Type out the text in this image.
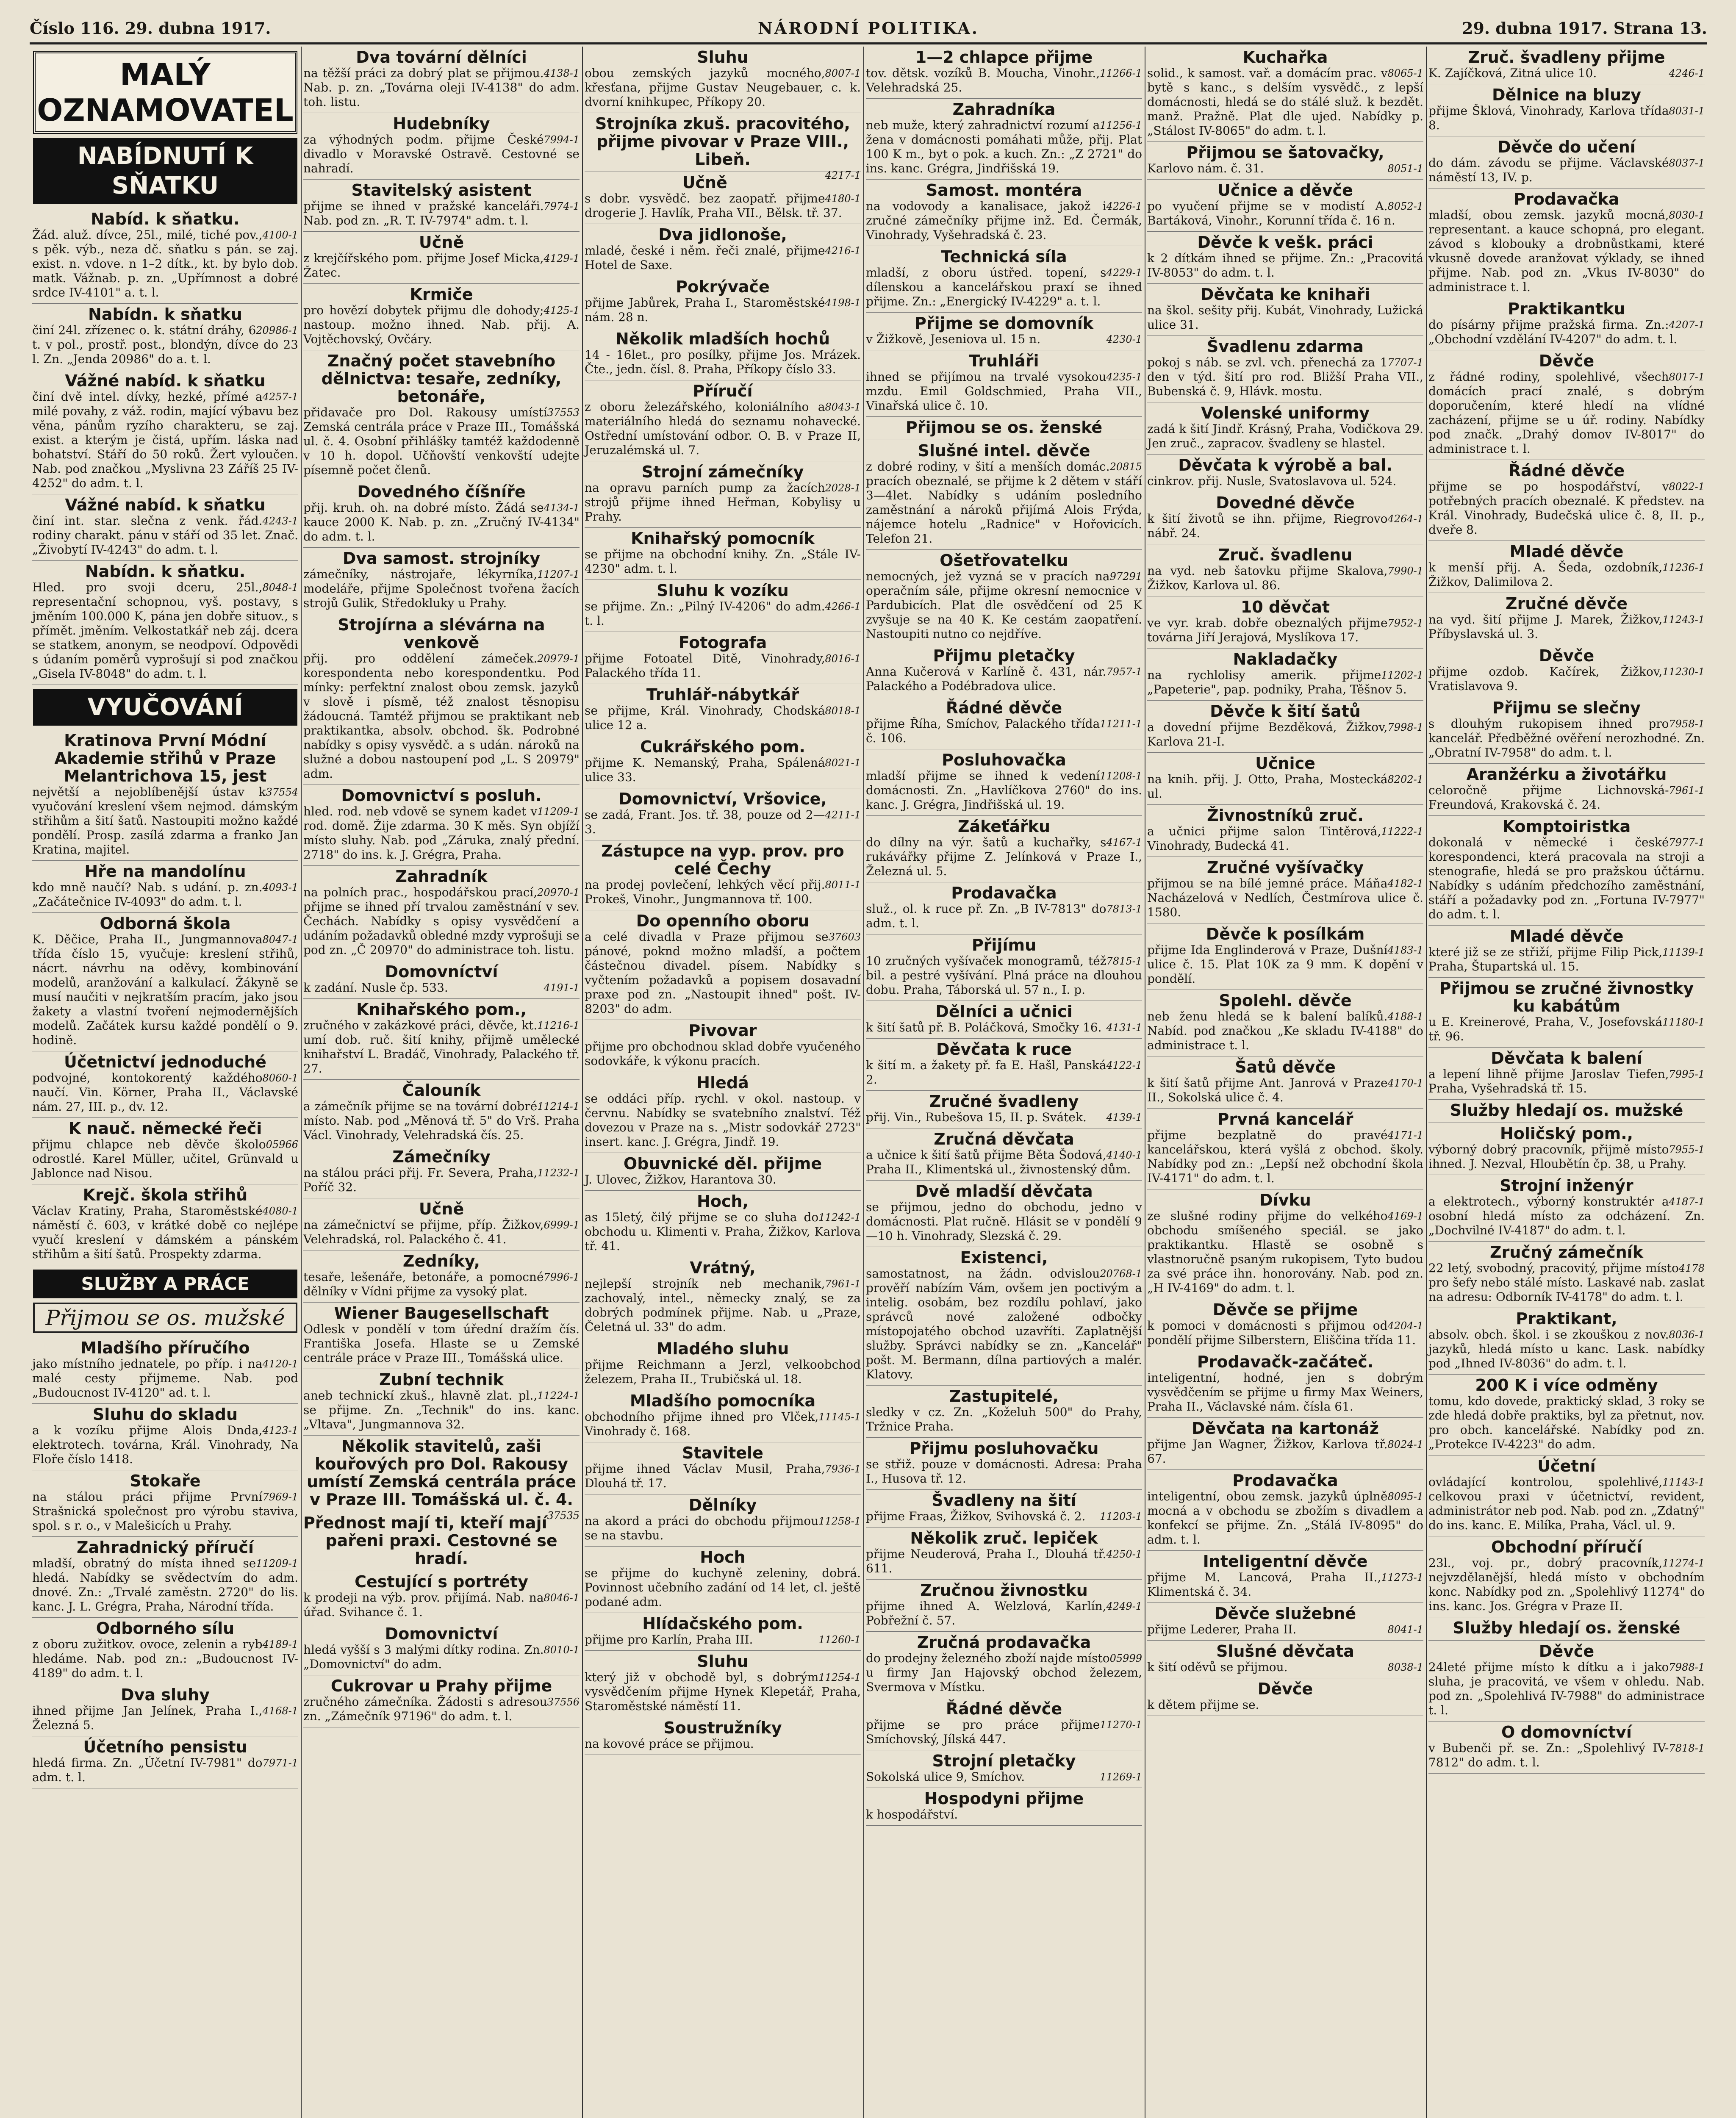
Číslo 116. 29. dubna 1917.	NÁRODNÍ POLITIKA.	29. dubna 1917. Strana 13.
MALÝ OZNAMOVATEL
NABÍDNUTÍ K SŇATKU
Nabíd. k sňatku.
4100-1
Žád. aluž. dívce, 25l., milé, tiché pov., s pěk. výb., neza dč. sňatku s pán. se zaj. exist. n. vdove. n 1–2 dítk., kt. by bylo dob. matk. Vážnab. p. zn. „Upřímnost a dobré srdce IV-4101" a. t. l.
Nabídn. k sňatku
20986-1
činí 24l. zřízenec o. k. státní dráhy, 6 t. v pol., prostř. post., blondýn, dívce do 23 l. Zn. „Jenda 20986" do a. t. l.
Vážné nabíd. k sňatku
4257-1
činí dvě intel. dívky, hezké, přímé a milé povahy, z váž. rodin, mající výbavu bez věna, pánům ryzího charakteru, se zaj. exist. a kterým je čistá, upřím. láska nad bohatství. Stáří do 50 roků. Žert vyloučen. Nab. pod značkou „Myslivna 23 Záříš 25 IV-4252" do adm. t. l.
Vážné nabíd. k sňatku
4243-1
činí int. star. slečna z venk. řád. rodiny charakt. pánu v stáří od 35 let. Znač. „Živobytí IV-4243" do adm. t. l.
Nabídn. k sňatku.
8048-1
Hled. pro svoji dceru, 25l., representační schopnou, vyš. postavy, s jměním 100.000 K, pána jen dobře situov., s přímět. jměním. Velkostatkář neb záj. dcera se statkem, anonym, se neodpoví. Odpovědi s údaním poměrů vyprošují si pod značkou „Gisela IV-8048" do adm. t. l.
VYUČOVÁNÍ
Kratinova První Módní Akademie střihů v Praze Melantrichova 15, jest
37554
největší a nejoblíbenější ústav k vyučování kreslení všem nejmod. dámským střihům a šití šatů. Nastoupiti možno každé pondělí. Prosp. zasílá zdarma a franko Jan Kratina, majitel.
Hře na mandolínu
4093-1
kdo mně naučí? Nab. s udání. p. zn. „Začátečnice IV-4093" do adm. t. l.
Odborná škola
8047-1
K. Děčice, Praha II., Jungmannova třída číslo 15, vyučuje: kreslení střihů, nácrt. návrhu na oděvy, kombinování modelů, aranžování a kalkulací. Žákyně se musí naučiti v nejkratším pracím, jako jsou žakety a vlastní tvoření nejmodernějších modelů. Začátek kursu každé pondělí o 9. hodině.
Účetnictví jednoduché
8060-1
podvojné, kontokorentý každého naučí. Vin. Körner, Praha II., Václavské nám. 27, III. p., dv. 12.
K nauč. německé řeči
05966
přijmu chlapce neb děvče školo odrostlé. Karel Müller, učitel, Grünvald u Jablonce nad Nisou.
Krejč. škola střihů
4080-1
Václav Kratiny, Praha, Staroměstské náměstí č. 603, v krátké době co nejlépe vyučí kreslení v dámském a pánském střihům a šití šatů. Prospekty zdarma.
SLUŽBY A PRÁCE
Přijmou se os. mužské
Mladšího příručího
4120-1
jako místního jednatele, po příp. i na malé cesty přijmeme. Nab. pod „Budoucnost IV-4120" ad. t. l.
Sluhu do skladu
4123-1
a k vozíku přijme Alois Dnda, elektrotech. továrna, Král. Vinohrady, Na Floře číslo 1418.
Stokaře
7969-1
na stálou práci přijme První Strašnická společnost pro výrobu staviva, spol. s r. o., v Malešicích u Prahy.
Zahradnický příručí
11209-1
mladší, obratný do místa ihned se hledá. Nabídky se svědectvím do adm. dnové. Zn.: „Trvalé zaměstn. 2720" do lis. kanc. J. L. Grégra, Praha, Národní třída.
Odborného sílu
4189-1
z oboru zužitkov. ovoce, zelenin a ryb hledáme. Nab. pod zn.: „Budoucnost IV-4189" do adm. t. l.
Dva sluhy
4168-1
ihned přijme Jan Jelínek, Praha I., Železná 5.
Účetního pensistu
7971-1
hledá firma. Zn. „Účetní IV-7981" do adm. t. l.
Dva tovární dělníci
4138-1
na těžší práci za dobrý plat se přijmou. Nab. p. zn. „Továrna oleji IV-4138" do adm. toh. listu.
Hudebníky
7994-1
za výhodných podm. přijme České divadlo v Moravské Ostravě. Cestovné se nahradí.
Stavitelský asistent
7974-1
přijme se ihned v pražské kanceláři. Nab. pod zn. „R. T. IV-7974" adm. t. l.
Učně
4129-1
z krejčířského pom. přijme Josef Micka, Žatec.
Krmiče
4125-1
pro hovězí dobytek přijmu dle dohody; nastoup. možno ihned. Nab. přij. A. Vojtěchovský, Ovčáry.
Značný počet stavebního dělnictva: tesaře, zedníky, betonáře,
37553
přidavače pro Dol. Rakousy umístí Zemská centrála práce v Praze III., Tomášská ul. č. 4. Osobní přihlášky tamtéž každodenně v 10 h. dopol. Učňovští venkovští udejte písemně počet členů.
Dovedného číšníře
4134-1
přij. kruh. oh. na dobré místo. Žádá se kauce 2000 K. Nab. p. zn. „Zručný IV-4134" do adm. t. l.
Dva samost. strojníky
11207-1
zámečníky, nástrojaře, lékyrníka, modeláře, přijme Společnost tvořena žacích strojů Gulik, Středokluky u Prahy.
Strojírna a slévárna na venkově
20979-1
přij. pro oddělení zámeček. korespondenta nebo korespondentku. Pod mínky: perfektní znalost obou zemsk. jazyků v slově i písmě, též znalost těsnopisu žádoucná. Tamtéž přijmou se praktikant neb praktikantka, absolv. obchod. šk. Podrobné nabídky s opisy vysvědč. a s udán. nároků na služné a dobou nastoupení pod „L. S 20979" adm.
Domovnictví s posluh.
11209-1
hled. rod. neb vdově se synem kadet v rod. domě. Žije zdarma. 30 K měs. Syn objíží místo sluhy. Nab. pod „Záruka, znalý přední. 2718" do ins. k. J. Grégra, Praha.
Zahradník
20970-1
na polních prac., hospodářskou prací, přijme se ihned pří trvalou zaměstnání v sev. Čechách. Nabídky s opisy vysvědčení a udáním požadavků obledné mzdy vyprošuji se pod zn. „Č 20970" do administrace toh. listu.
Domovníctví
4191-1
k zadání. Nusle čp. 533.
Knihařského pom.,
11216-1
zručného v zakázkové práci, děvče, kt. umí dob. ruč. šití knihy, přijmě umělecké knihařství L. Bradáč, Vinohrady, Palackého tř. 27.
Čalouník
11214-1
a zámečník přijme se na tovární dobré místo. Nab. pod „Měnová tř. 5" do Vrš. Praha Václ. Vinohrady, Velehradská čís. 25.
Zámečníky
11232-1
na stálou práci přij. Fr. Severa, Praha, Poříč 32.
Učně
6999-1
na zámečnictví se přijme, příp. Žižkov, Velehradská, rol. Palackého č. 41.
Zedníky,
7996-1
tesaře, lešenáře, betonáře, a pomocné dělníky v Vídni přijme za vysoký plat.
Wiener Baugesellschaft
Odlesk v pondělí v tom úřední dražím čís. Františka Josefa. Hlaste se u Zemské centrále práce v Praze III., Tomášská ulice.
Zubní technik
11224-1
aneb technickí zkuš., hlavně zlat. pl., se přijme. Zn. „Technik" do ins. kanc. „Vltava", Jungmannova 32.
Několik stavitelů, zaši kouřových pro Dol. Rakousy umístí Zemská centrála práce v Praze III. Tomášská ul. č. 4.
37535
Přednost mají ti, kteří mají pařeni praxi. Cestovné se hradí.
Cestující s portréty
8046-1
k prodeji na výb. prov. přijímá. Nab. na úřad. Svihance č. 1.
Domovnictví
8010-1
hledá vyšší s 3 malými dítky rodina. Zn. „Domovnictví" do adm.
Cukrovar u Prahy přijme
37556
zručného zámečníka. Žádosti s adresou zn. „Zámečník 97196" do adm. t. l.
Sluhu
8007-1
obou zemských jazyků mocného, křesťana, přijme Gustav Neugebauer, c. k. dvorní knihkupec, Příkopy 20.
Strojníka zkuš. pracovitého, přijme pivovar v Praze VIII., Libeň.
4217-1
Učně
4180-1
s dobr. vysvědč. bez zaopatř. přijme drogerie J. Havlík, Praha VII., Bělsk. tř. 37.
Dva jidlonoše,
4216-1
mladé, české i něm. řeči znalé, přijme Hotel de Saxe.
Pokrývače
4198-1
přijme Jabůrek, Praha I., Staroměstské nám. 28 n.
Několik mladších hochů
14 - 16let., pro posílky, přijme Jos. Mrázek. Čte., jedn. čísl. 8. Praha, Příkopy číslo 33.
Příručí
8043-1
z oboru železářského, koloniálního a materiálního hledá do seznamu nohavecké. Ostřední umístování odbor. O. B. v Praze II, Jeruzalémská ul. 7.
Strojní zámečníky
2028-1
na opravu parních pump za žacích strojů přijme ihned Heřman, Kobylisy u Prahy.
Knihařský pomocník
se přijme na obchodní knihy. Zn. „Stále IV-4230" adm. t. l.
Sluhu k vozíku
4266-1
se přijme. Zn.: „Pilný IV-4206" do adm. t. l.
Fotografa
8016-1
přijme Fotoatel Ditě, Vinohrady, Palackého třída 11.
Truhlář-nábytkář
8018-1
se přijme, Král. Vinohrady, Chodská ulice 12 a.
Cukrářského pom.
8021-1
přijme K. Nemanský, Praha, Spálená ulice 33.
Domovnictví, Vršovice,
4211-1
se zadá, Frant. Jos. tř. 38, pouze od 2—3.
Zástupce na vyp. prov. pro celé Čechy
8011-1
na prodej povlečení, lehkých věcí přij. Prokeš, Vinohr., Jungmannova tř. 100.
Do openního oboru
37603
a celé divadla v Praze přijmou se pánové, poknd možno mladší, a počtem částečnou divadel. písem. Nabídky s vyčtením požadavků a popisem dosavadní praxe pod zn. „Nastoupit ihned" pošt. IV-8203" do adm.
Pivovar
přijme pro obchodnou sklad dobře vyučeného sodovkáře, k výkonu pracích.
Hledá
se oddáci příp. rychl. v okol. nastoup. v červnu. Nabídky se svatebního znalství. Též dovezou v Praze na s. „Mistr sodovkář 2723" insert. kanc. J. Grégra, Jindř. 19.
Obuvnické děl. přijme
J. Ulovec, Žižkov, Harantova 30.
Hoch,
11242-1
as 15letý, čilý přijme se co sluha do obchodu u. Klimenti v. Praha, Žižkov, Karlova tř. 41.
Vrátný,
7961-1
nejlepší strojník neb mechanik, zachovalý, intel., německy znalý, se za dobrých podmínek přijme. Nab. u „Praze, Čeletná ul. 33" do adm.
Mladého sluhu
přijme Reichmann a Jerzl, velkoobchod železem, Praha II., Trubičská ul. 18.
Mladšího pomocníka
11145-1
obchodního přijme ihned pro Vlček, Vinohrady č. 168.
Stavitele
7936-1
přijme ihned Václav Musil, Praha, Dlouhá tř. 17.
Dělníky
11258-1
na akord a práci do obchodu přijmou se na stavbu.
Hoch
se přijme do kuchyně zeleniny, dobrá. Povinnost učebního zadání od 14 let, cl. ještě podané adm.
Hlídačského pom.
11260-1
přijme pro Karlín, Praha III.
Sluhu
11254-1
který již v obchodě byl, s dobrým vysvědčením přijme Hynek Klepetář, Praha, Staroměstské náměstí 11.
Soustružníky
na kovové práce se přijmou.
1—2 chlapce přijme
11266-1
tov. dětsk. vozíků B. Moucha, Vinohr., Velehradská 25.
Zahradníka
11256-1
neb muže, který zahradnictví rozumí a žena v domácnosti pomáhati může, přij. Plat 100 K m., byt o pok. a kuch. Zn.: „Z 2721" do ins. kanc. Grégra, Jindřišská 19.
Samost. montéra
4226-1
na vodovody a kanalisace, jakož i zručné zámečníky přijme inž. Ed. Čermák, Vinohrady, Vyšehradská č. 23.
Technická síla
4229-1
mladší, z oboru ústřed. topení, s dílenskou a kancelářskou praxí se ihned přijme. Zn.: „Energický IV-4229" a. t. l.
Přijme se domovník
4230-1
v Žižkově, Jeseniova ul. 15 n.
Truhláři
4235-1
ihned se přijímou na trvalé vysokou mzdu. Emil Goldschmied, Praha VII., Vinařská ulice č. 10.
Přijmou se os. ženské
Slušné intel. děvče
20815
z dobré rodiny, v šití a menších domác. pracích obeznalé, se přijme k 2 dětem v stáří 3—4let. Nabídky s udáním posledního zaměstnání a nároků přijímá Alois Frýda, nájemce hotelu „Radnice" v Hořovicích. Telefon 21.
Ošetřovatelku
97291
nemocných, jež vyzná se v pracích na operačním sále, přijme okresní nemocnice v Pardubicích. Plat dle osvědčení od 25 K zvyšuje se na 40 K. Ke cestám zaopatření. Nastoupiti nutno co nejdříve.
Přijmu pletačky
7957-1
Anna Kučerová v Karlíně č. 431, nár. Palackého a Podébradova ulice.
Řádné děvče
11211-1
přijme Říha, Smíchov, Palackého třída č. 106.
Posluhovačka
11208-1
mladší přijme se ihned k vedení domácnosti. Zn. „Havlíčkova 2760" do ins. kanc. J. Grégra, Jindřišská ul. 19.
Zákeťářku
4167-1
do dílny na výr. šatů a kuchařky, s rukávářky přijme Z. Jelínková v Praze I., Železná ul. 5.
Prodavačka
7813-1
služ., ol. k ruce př. Zn. „B IV-7813" do adm. t. l.
Přijímu
7815-1
10 zručných vyšívaček monogramů, též bil. a pestré vyšívání. Plná práce na dlouhou dobu. Praha, Táborská ul. 57 n., I. p.
Dělníci a učnici
4131-1
k šití šatů př. B. Poláčková, Smočky 16.
Děvčata k ruce
4122-1
k šití m. a žakety př. fa E. Hašl, Panská 2.
Zručné švadleny
4139-1
přij. Vin., Rubešova 15, II. p. Svátek.
Zručná děvčata
4140-1
a učnice k šití šatů přijme Běta Šodová, Praha II., Klimentská ul., živnostenský dům.
Dvě mladší děvčata
se přijmou, jedno do obchodu, jedno v domácnosti. Plat ručně. Hlásit se v pondělí 9—10 h. Vinohrady, Slezská č. 29.
Existenci,
20768-1
samostatnost, na žádn. odvislou prověří nabízím Vám, ovšem jen poctivým a intelig. osobám, bez rozdílu pohlaví, jako správců nové založené odbočky místopojatého obchod uzavříti. Zaplatnější služby. Správci nabídky se zn. „Kancelář" pošt. M. Bermann, dílna partiových a malér. Klatovy.
Zastupitelé,
sledky v cz. Zn. „Koželuh 500" do Prahy, Tržnice Praha.
Přijmu posluhovačku
se střiž. pouze v domácnosti. Adresa: Praha I., Husova tř. 12.
Švadleny na šití
11203-1
přijme Fraas, Žižkov, Svihovská č. 2.
Několik zruč. lepiček
4250-1
přijme Neuderová, Praha I., Dlouhá tř. 611.
Zručnou živnostku
4249-1
přijme ihned A. Welzlová, Karlín, Pobřežní č. 57.
Zručná prodavačka
05999
do prodejny železného zboží najde místo u firmy Jan Hajovský obchod železem, Svermova v Místku.
Řádné děvče
11270-1
přijme se pro práce přijme Smíchovský, Jílská 447.
Strojní pletačky
11269-1
Sokolská ulice 9, Smíchov.
Hospodyni přijme
k hospodářství.
Kuchařka
8065-1
solid., k samost. vař. a domácím prac. v bytě s kanc., s delším vysvědč., z lepší domácnosti, hledá se do stálé služ. k bezdět. manž. Pražně. Plat dle ujed. Nabídky p. „Stálost IV-8065" do adm. t. l.
Přijmou se šatovačky,
8051-1
Karlovo nám. č. 31.
Učnice a děvče
8052-1
po vyučení přijme se v modistí A. Bartáková, Vinohr., Korunní třída č. 16 n.
Děvče k vešk. práci
k 2 dítkám ihned se přijme. Zn.: „Pracovitá IV-8053" do adm. t. l.
Děvčata ke knihaři
na škol. sešity přij. Kubát, Vinohrady, Lužická ulice 31.
Švadlenu zdarma
7707-1
pokoj s náb. se zvl. vch. přenechá za 1 den v týd. šití pro rod. Bližší Praha VII., Bubenská č. 9, Hlávk. mostu.
Volenské uniformy
zadá k šití Jindř. Krásný, Praha, Vodičkova 29. Jen zruč., zapracov. švadleny se hlastel.
Děvčata k výrobě a bal.
cinkrov. přij. Nusle, Svatoslavova ul. 524.
Dovedné děvče
4264-1
k šití životů se ihn. přijme, Riegrovo nábř. 24.
Zruč. švadlenu
7990-1
na vyd. neb šatovku přijme Skalova, Žižkov, Karlova ul. 86.
10 děvčat
7952-1
ve vyr. krab. dobře obeznalých přijme továrna Jiří Jerajová, Myslíkova 17.
Nakladačky
11202-1
na rychlolisy amerik. přijme „Papeterie", pap. podniky, Praha, Těšnov 5.
Děvče k šití šatů
7998-1
a dovední přijme Bezděková, Žižkov, Karlova 21-I.
Učnice
8202-1
na knih. přij. J. Otto, Praha, Mostecká ul.
Živnostníků zruč.
11222-1
a učnici přijme salon Tintěrová, Vinohrady, Budecká 41.
Zručné vyšívačky
4182-1
přijmou se na bílé jemné práce. Máňa Nacházelová v Nedlích, Čestmírova ulice č. 1580.
Děvče k posílkám
4183-1
přijme Ida Englinderová v Praze, Dušní ulice č. 15. Plat 10K za 9 mm. K dopění v pondělí.
Spolehl. děvče
4188-1
neb ženu hledá se k balení balíků. Nabíd. pod značkou „Ke skladu IV-4188" do administrace t. l.
Šatů děvče
4170-1
k šití šatů přijme Ant. Janrová v Praze II., Sokolská ulice č. 4.
Prvná kancelář
4171-1
přijme bezplatně do pravé kancelářskou, která vyšlá z obchod. školy. Nabídky pod zn.: „Lepší než obchodní škola IV-4171" do adm. t. l.
Dívku
4169-1
ze slušné rodiny přijme do velkého obchodu smíšeného speciál. se jako praktikantku. Hlastě se osobně s vlastnoručně psaným rukopisem, Tyto budou za své práce ihn. honorovány. Nab. pod zn. „H IV-4169" do adm. t. l.
Děvče se přijme
4204-1
k pomoci v domácnosti s přijmou od pondělí přijme Silberstern, Eliščina třída 11.
Prodavačk-začáteč.
inteligentní, hodné, jen s dobrým vysvědčením se přijme u firmy Max Weiners, Praha II., Václavské nám. čísla 61.
Děvčata na kartonáž
8024-1
přijme Jan Wagner, Žižkov, Karlova tř. 67.
Prodavačka
8095-1
inteligentní, obou zemsk. jazyků úplně mocná a v obchodu se zbožím s divadlem a konfekcí se přijme. Zn. „Stálá IV-8095" do adm. t. l.
Inteligentní děvče
11273-1
přijme M. Lancová, Praha II., Klimentská č. 34.
Děvče služebné
8041-1
přijme Lederer, Praha II.
Slušné děvčata
8038-1
k šití oděvů se přijmou.
Děvče
k dětem přijme se.
Zruč. švadleny přijme
4246-1
K. Zajíčková, Zitná ulice 10.
Dělnice na bluzy
8031-1
přijme Šklová, Vinohrady, Karlova třída 8.
Děvče do učení
8037-1
do dám. závodu se přijme. Václavské náměstí 13, IV. p.
Prodavačka
8030-1
mladší, obou zemsk. jazyků mocná, representant. a kauce schopná, pro elegant. závod s klobouky a drobnůstkami, které vkusně dovede aranžovat výklady, se ihned přijme. Nab. pod zn. „Vkus IV-8030" do administrace t. l.
Praktikantku
4207-1
do písárny přijme pražská firma. Zn.: „Obchodní vzdělání IV-4207" do adm. t. l.
Děvče
8017-1
z řádné rodiny, spolehlivé, všech domácích prací znalé, s dobrým doporučením, které hledí na vlídné zacházení, přijme se u úř. rodiny. Nabídky pod značk. „Drahý domov IV-8017" do administrace t. l.
Řádné děvče
8022-1
přijme se po hospodářství, v potřebných pracích obeznalé. K předstev. na Král. Vinohrady, Budečská ulice č. 8, II. p., dveře 8.
Mladé děvče
11236-1
k menší přij. A. Šeda, ozdobník, Žižkov, Dalimilova 2.
Zručné děvče
11243-1
na vyd. šití přijme J. Marek, Žižkov, Příbyslavská ul. 3.
Děvče
11230-1
přijme ozdob. Kačírek, Žižkov, Vratislavova 9.
Přijmu se slečny
7958-1
s dlouhým rukopisem ihned pro kancelář. Předběžné ověření nerozhodné. Zn. „Obratní IV-7958" do adm. t. l.
Aranžérku a životářku
7961-1
celoročně přijme Lichnovská-Freundová, Krakovská č. 24.
Komptoiristka
7977-1
dokonalá v německé i české korespondenci, která pracovala na stroji a stenografie, hledá se pro pražskou účtárnu. Nabídky s udáním předchozího zaměstnání, stáří a požadavky pod zn. „Fortuna IV-7977" do adm. t. l.
Mladé děvče
11139-1
které již se ze střiží, přijme Filip Pick, Praha, Štupartská ul. 15.
Přijmou se zručné živnostky ku kabátům
11180-1
u E. Kreinerové, Praha, V., Josefovská tř. 96.
Děvčata k balení
7995-1
a lepení lihně přijme Jaroslav Tiefen, Praha, Vyšehradská tř. 15.
Služby hledají os. mužské
Holičský pom.,
7955-1
výborný dobrý pracovník, přijmě místo ihned. J. Nezval, Hloubětín čp. 38, u Prahy.
Strojní inženýr
4187-1
a elektrotech., výborný konstruktér a osobní hledá místo za odcházení. Zn. „Dochvilné IV-4187" do adm. t. l.
Zručný zámečník
4178
22 letý, svobodný, pracovitý, přijme místo pro šefy nebo stálé místo. Laskavé nab. zaslat na adresu: Odborník IV-4178" do adm. t. l.
Praktikant,
8036-1
absolv. obch. škol. i se zkouškou z nov. jazyků, hledá místo u kanc. Lask. nabídky pod „Ihned IV-8036" do adm. t. l.
200 K i více odměny
tomu, kdo dovede, praktický sklad, 3 roky se zde hledá dobře praktiks, byl za přetnut, nov. pro obch. kancelářské. Nabídky pod zn. „Protekce IV-4223" do adm.
Účetní
11143-1
ovládající kontrolou, spolehlivé, celkovou praxi v účetnictví, revident, administrátor neb pod. Nab. pod zn. „Zdatný" do ins. kanc. E. Milíka, Praha, Václ. ul. 9.
Obchodní příručí
11274-1
23l., voj. pr., dobrý pracovník, nejvzdělanější, hledá místo v obchodním konc. Nabídky pod zn. „Spolehlivý 11274" do ins. kanc. Jos. Grégra v Praze II.
Služby hledají os. ženské
Děvče
7988-1
24leté přijme místo k dítku a i jako sluha, je pracovitá, ve všem v ohledu. Nab. pod zn. „Spolehlivá IV-7988" do administrace t. l.
O domovníctví
7818-1
v Bubenči př. se. Zn.: „Spolehlivý IV-7812" do adm. t. l.
